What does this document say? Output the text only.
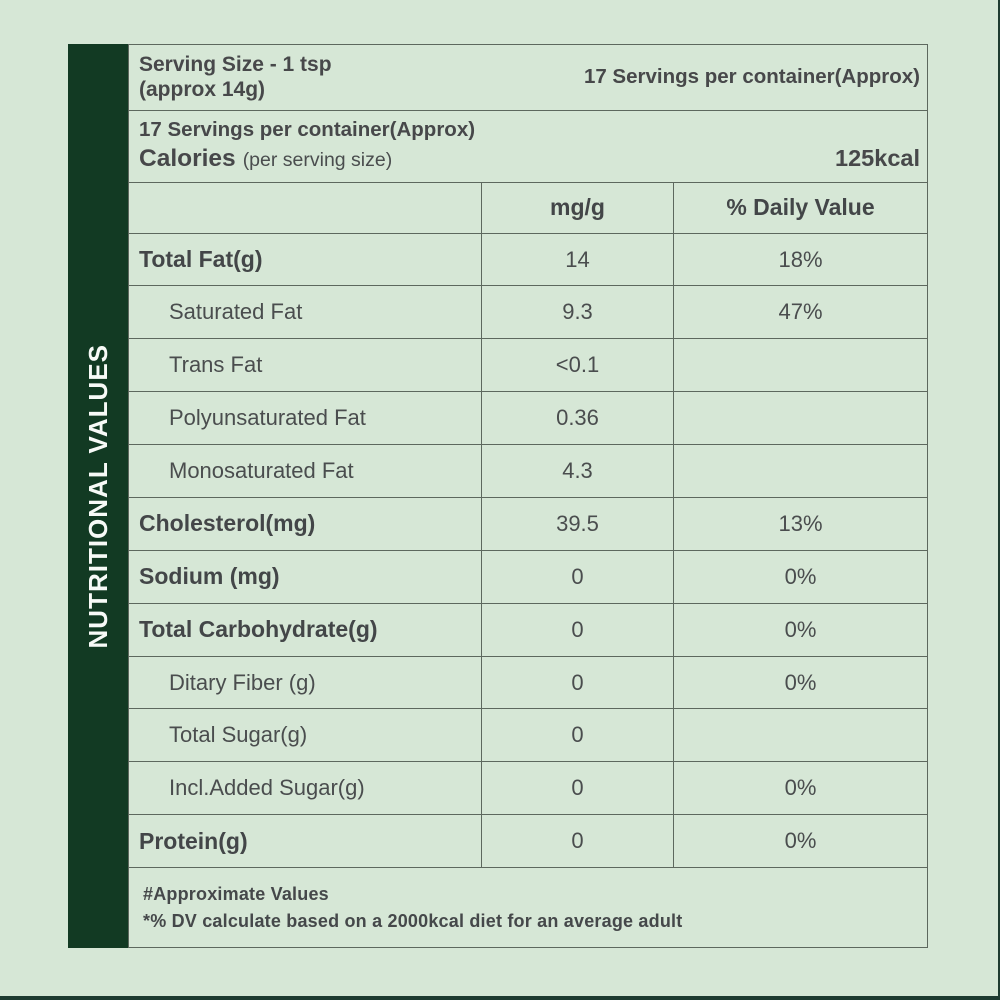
NUTRITIONAL VALUES
Serving Size - 1 tsp
(approx 14g)
17 Servings per container(Approx)
17 Servings per container(Approx)
Calories (per serving size)	125kcal
mg/g	% Daily Value
Total Fat(g)	14	18%
Saturated Fat	9.3	47%
Trans Fat	<0.1
Polyunsaturated Fat	0.36
Monosaturated Fat	4.3
Cholesterol(mg)	39.5	13%
Sodium (mg)	0	0%
Total Carbohydrate(g)	0	0%
Ditary Fiber (g)	0	0%
Total Sugar(g)	0
Incl.Added Sugar(g)	0	0%
Protein(g)	0	0%
#Approximate Values
*% DV calculate based on a 2000kcal diet for an average adult
